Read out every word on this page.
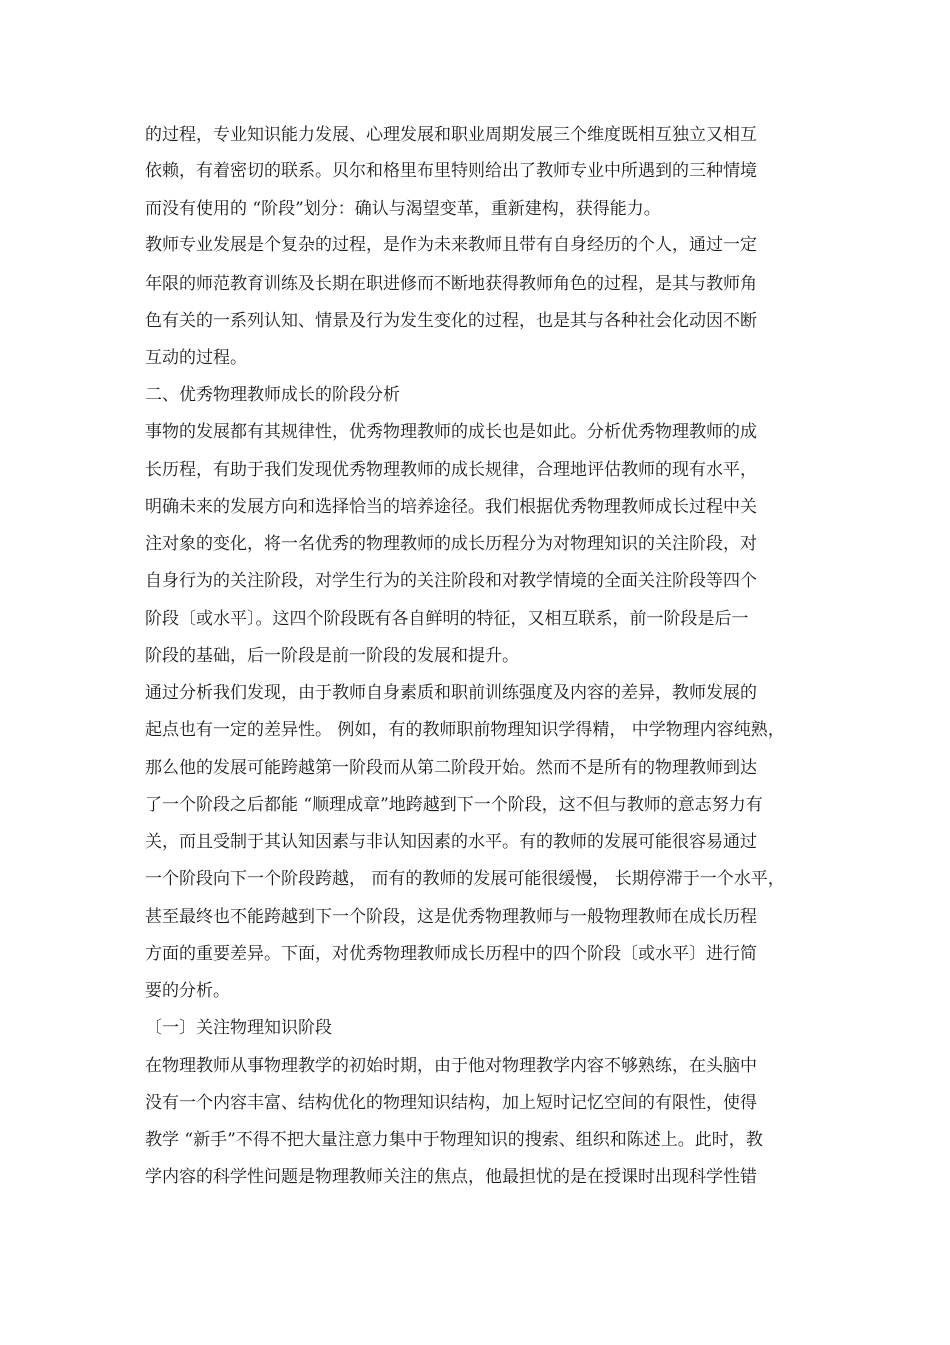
的过程，专业知识能力发展、心理发展和职业周期发展三个维度既相互独立又相互
依赖，有着密切的联系。贝尔和格里布里特则给出了教师专业中所遇到的三种情境
而没有使用的 “阶段”划分：确认与渴望变革，重新建构，获得能力。
教师专业发展是个复杂的过程，是作为未来教师且带有自身经历的个人，通过一定
年限的师范教育训练及长期在职进修而不断地获得教师角色的过程，是其与教师角
色有关的一系列认知、情景及行为发生变化的过程，也是其与各种社会化动因不断
互动的过程。
二、优秀物理教师成长的阶段分析
事物的发展都有其规律性，优秀物理教师的成长也是如此。分析优秀物理教师的成
长历程，有助于我们发现优秀物理教师的成长规律，合理地评估教师的现有水平，
明确未来的发展方向和选择恰当的培养途径。我们根据优秀物理教师成长过程中关
注对象的变化，将一名优秀的物理教师的成长历程分为对物理知识的关注阶段，对
自身行为的关注阶段，对学生行为的关注阶段和对教学情境的全面关注阶段等四个
阶段〔或水平〕。这四个阶段既有各自鲜明的特征，又相互联系，前一阶段是后一
阶段的基础，后一阶段是前一阶段的发展和提升。
通过分析我们发现，由于教师自身素质和职前训练强度及内容的差异，教师发展的
起点也有一定的差异性。 例如，有的教师职前物理知识学得精， 中学物理内容纯熟，
那么他的发展可能跨越第一阶段而从第二阶段开始。然而不是所有的物理教师到达
了一个阶段之后都能 “顺理成章”地跨越到下一个阶段，这不但与教师的意志努力有
关，而且受制于其认知因素与非认知因素的水平。有的教师的发展可能很容易通过
一个阶段向下一个阶段跨越， 而有的教师的发展可能很缓慢， 长期停滞于一个水平，
甚至最终也不能跨越到下一个阶段，这是优秀物理教师与一般物理教师在成长历程
方面的重要差异。下面，对优秀物理教师成长历程中的四个阶段〔或水平〕进行简
要的分析。
〔一〕关注物理知识阶段
在物理教师从事物理教学的初始时期，由于他对物理教学内容不够熟练，在头脑中
没有一个内容丰富、结构优化的物理知识结构，加上短时记忆空间的有限性，使得
教学 “新手”不得不把大量注意力集中于物理知识的搜索、组织和陈述上。此时，教
学内容的科学性问题是物理教师关注的焦点，他最担忧的是在授课时出现科学性错
